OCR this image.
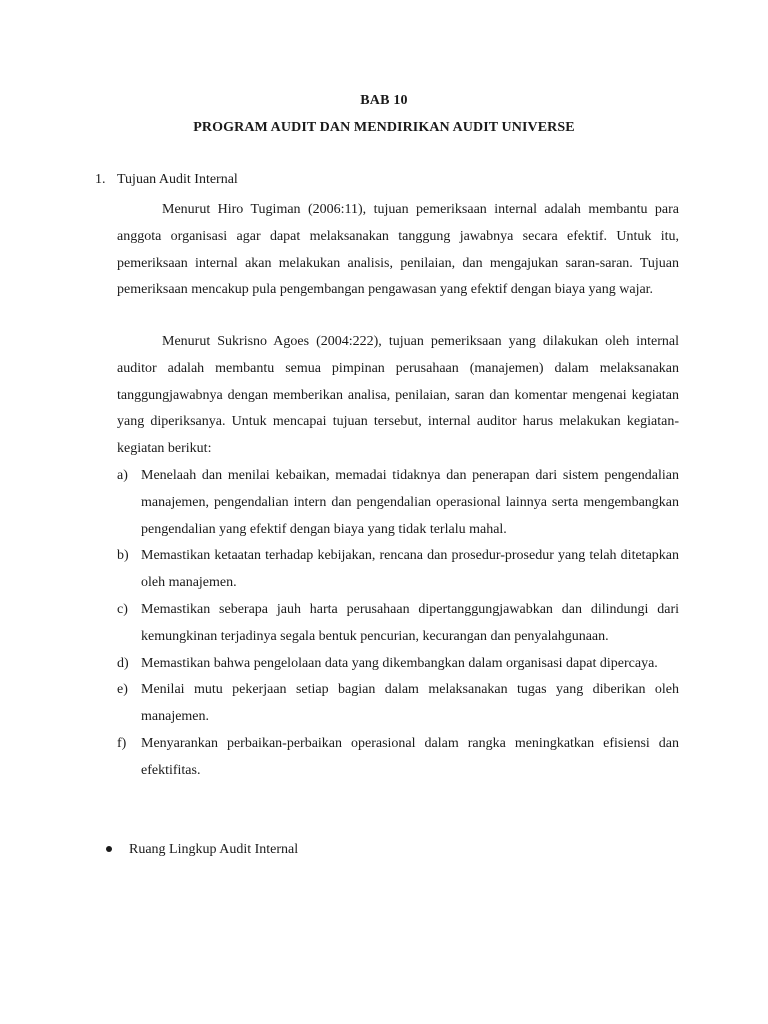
BAB 10
PROGRAM AUDIT DAN MENDIRIKAN AUDIT UNIVERSE
1. Tujuan Audit Internal

Menurut Hiro Tugiman (2006:11), tujuan pemeriksaan internal adalah membantu para anggota organisasi agar dapat melaksanakan tanggung jawabnya secara efektif. Untuk itu, pemeriksaan internal akan melakukan analisis, penilaian, dan mengajukan saran-saran. Tujuan pemeriksaan mencakup pula pengembangan pengawasan yang efektif dengan biaya yang wajar.

Menurut Sukrisno Agoes (2004:222), tujuan pemeriksaan yang dilakukan oleh internal auditor adalah membantu semua pimpinan perusahaan (manajemen) dalam melaksanakan tanggungjawabnya dengan memberikan analisa, penilaian, saran dan komentar mengenai kegiatan yang diperiksanya. Untuk mencapai tujuan tersebut, internal auditor harus melakukan kegiatan-kegiatan berikut:

a) Menelaah dan menilai kebaikan, memadai tidaknya dan penerapan dari sistem pengendalian manajemen, pengendalian intern dan pengendalian operasional lainnya serta mengembangkan pengendalian yang efektif dengan biaya yang tidak terlalu mahal.
b) Memastikan ketaatan terhadap kebijakan, rencana dan prosedur-prosedur yang telah ditetapkan oleh manajemen.
c) Memastikan seberapa jauh harta perusahaan dipertanggungjawabkan dan dilindungi dari kemungkinan terjadinya segala bentuk pencurian, kecurangan dan penyalahgunaan.
d) Memastikan bahwa pengelolaan data yang dikembangkan dalam organisasi dapat dipercaya.
e) Menilai mutu pekerjaan setiap bagian dalam melaksanakan tugas yang diberikan oleh manajemen.
f) Menyarankan perbaikan-perbaikan operasional dalam rangka meningkatkan efisiensi dan efektifitas.
Ruang Lingkup Audit Internal
